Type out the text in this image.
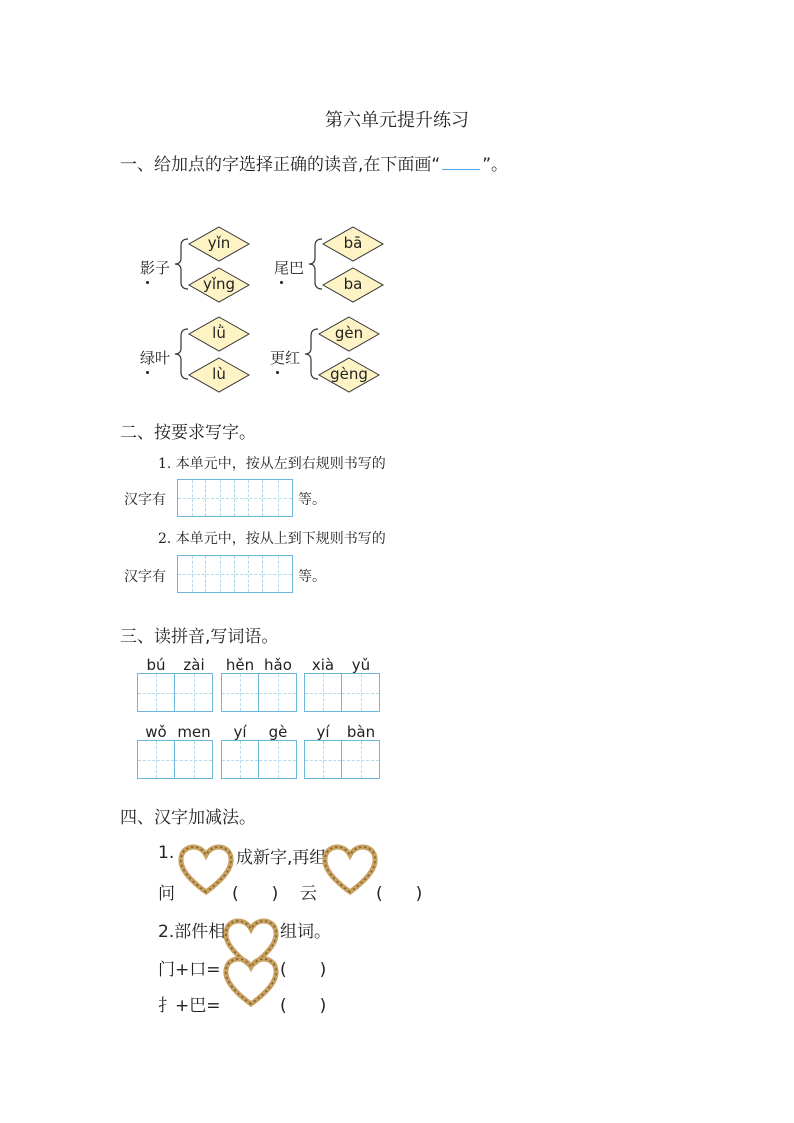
第六单元提升练习
一、给加点的字选择正确的读音,在下面画“ ”。
影子
yǐn
yǐng
尾巴
bā
ba
绿叶
lǜ
lù
更红
gèn
gèng
二、按要求写字。
1. 本单元中，按从左到右规则书写的
汉字有	等。
2. 本单元中，按从上到下规则书写的
汉字有	等。
三、读拼音,写词语。
bú	zài	hěn hǎo	xià	yǔ
wǒ men	yí	gè	yí	bàn
四、汉字加减法。
1.	成新字,再组
问	(　) 云	(　)
2.部件相	组词。
门+口=	(　)
扌+巴=	(　)
